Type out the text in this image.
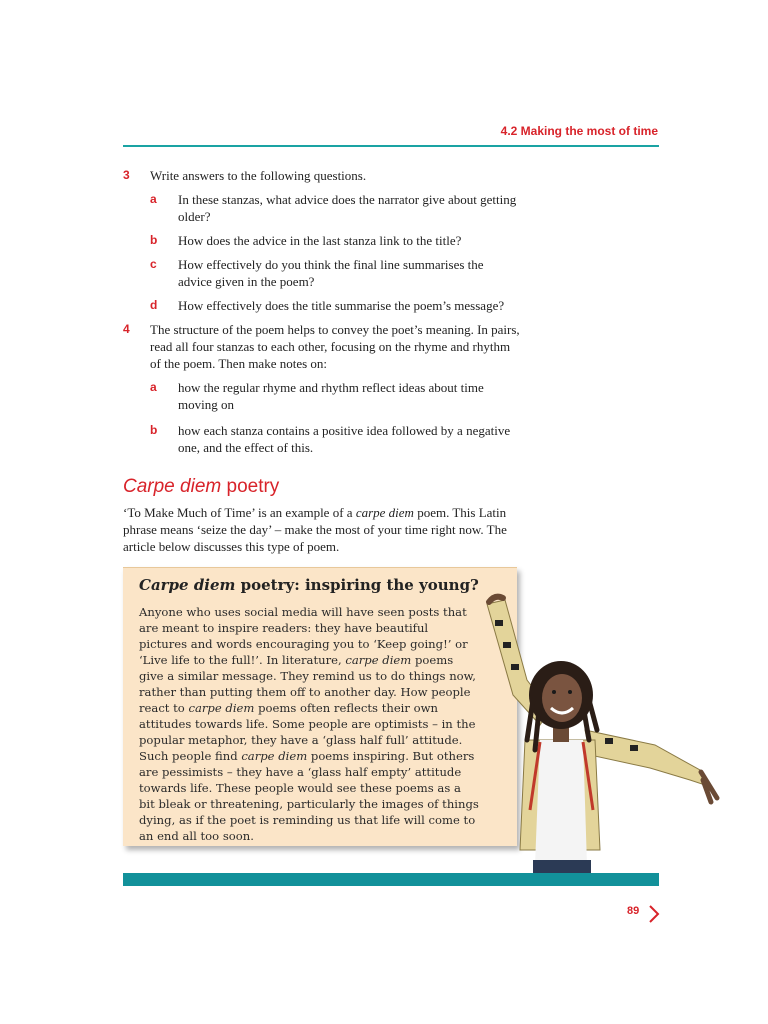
4.2 Making the most of time
3 Write answers to the following questions.
a In these stanzas, what advice does the narrator give about getting older?
b How does the advice in the last stanza link to the title?
c How effectively do you think the final line summarises the advice given in the poem?
d How effectively does the title summarise the poem’s message?
4 The structure of the poem helps to convey the poet’s meaning. In pairs, read all four stanzas to each other, focusing on the rhyme and rhythm of the poem. Then make notes on:
a how the regular rhyme and rhythm reflect ideas about time moving on
b how each stanza contains a positive idea followed by a negative one, and the effect of this.
Carpe diem poetry
‘To Make Much of Time’ is an example of a carpe diem poem. This Latin phrase means ‘seize the day’ – make the most of your time right now. The article below discusses this type of poem.
Carpe diem poetry: inspiring the young?
Anyone who uses social media will have seen posts that are meant to inspire readers: they have beautiful pictures and words encouraging you to ‘Keep going!’ or ‘Live life to the full!’. In literature, carpe diem poems give a similar message. They remind us to do things now, rather than putting them off to another day. How people react to carpe diem poems often reflects their own attitudes towards life. Some people are optimists – in the popular metaphor, they have a ‘glass half full’ attitude. Such people find carpe diem poems inspiring. But others are pessimists – they have a ‘glass half empty’ attitude towards life. These people would see these poems as a bit bleak or threatening, particularly the images of things dying, as if the poet is reminding us that life will come to an end all too soon.
89
